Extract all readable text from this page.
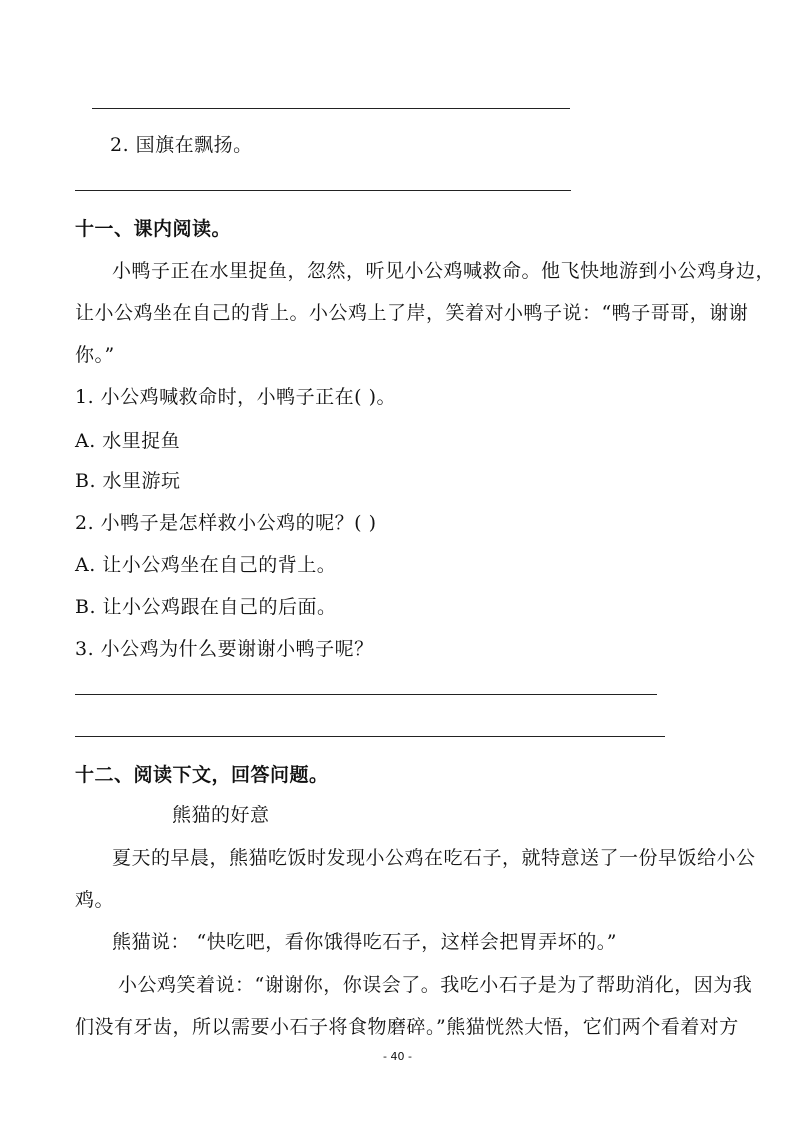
2. 国旗在飘扬。
十一、课内阅读。
小鸭子正在水里捉鱼，忽然，听见小公鸡喊救命。他飞快地游到小公鸡身边，
让小公鸡坐在自己的背上。小公鸡上了岸，笑着对小鸭子说：“鸭子哥哥，谢谢
你。”
1. 小公鸡喊救命时，小鸭子正在( )。
A. 水里捉鱼
B. 水里游玩
2. 小鸭子是怎样救小公鸡的呢？( )
A. 让小公鸡坐在自己的背上。
B. 让小公鸡跟在自己的后面。
3. 小公鸡为什么要谢谢小鸭子呢？
十二、阅读下文，回答问题。
熊猫的好意
夏天的早晨，熊猫吃饭时发现小公鸡在吃石子，就特意送了一份早饭给小公
鸡。
熊猫说： “快吃吧，看你饿得吃石子，这样会把胃弄坏的。”
小公鸡笑着说：“谢谢你，你误会了。我吃小石子是为了帮助消化，因为我
们没有牙齿，所以需要小石子将食物磨碎。”熊猫恍然大悟，它们两个看着对方
- 40 -
